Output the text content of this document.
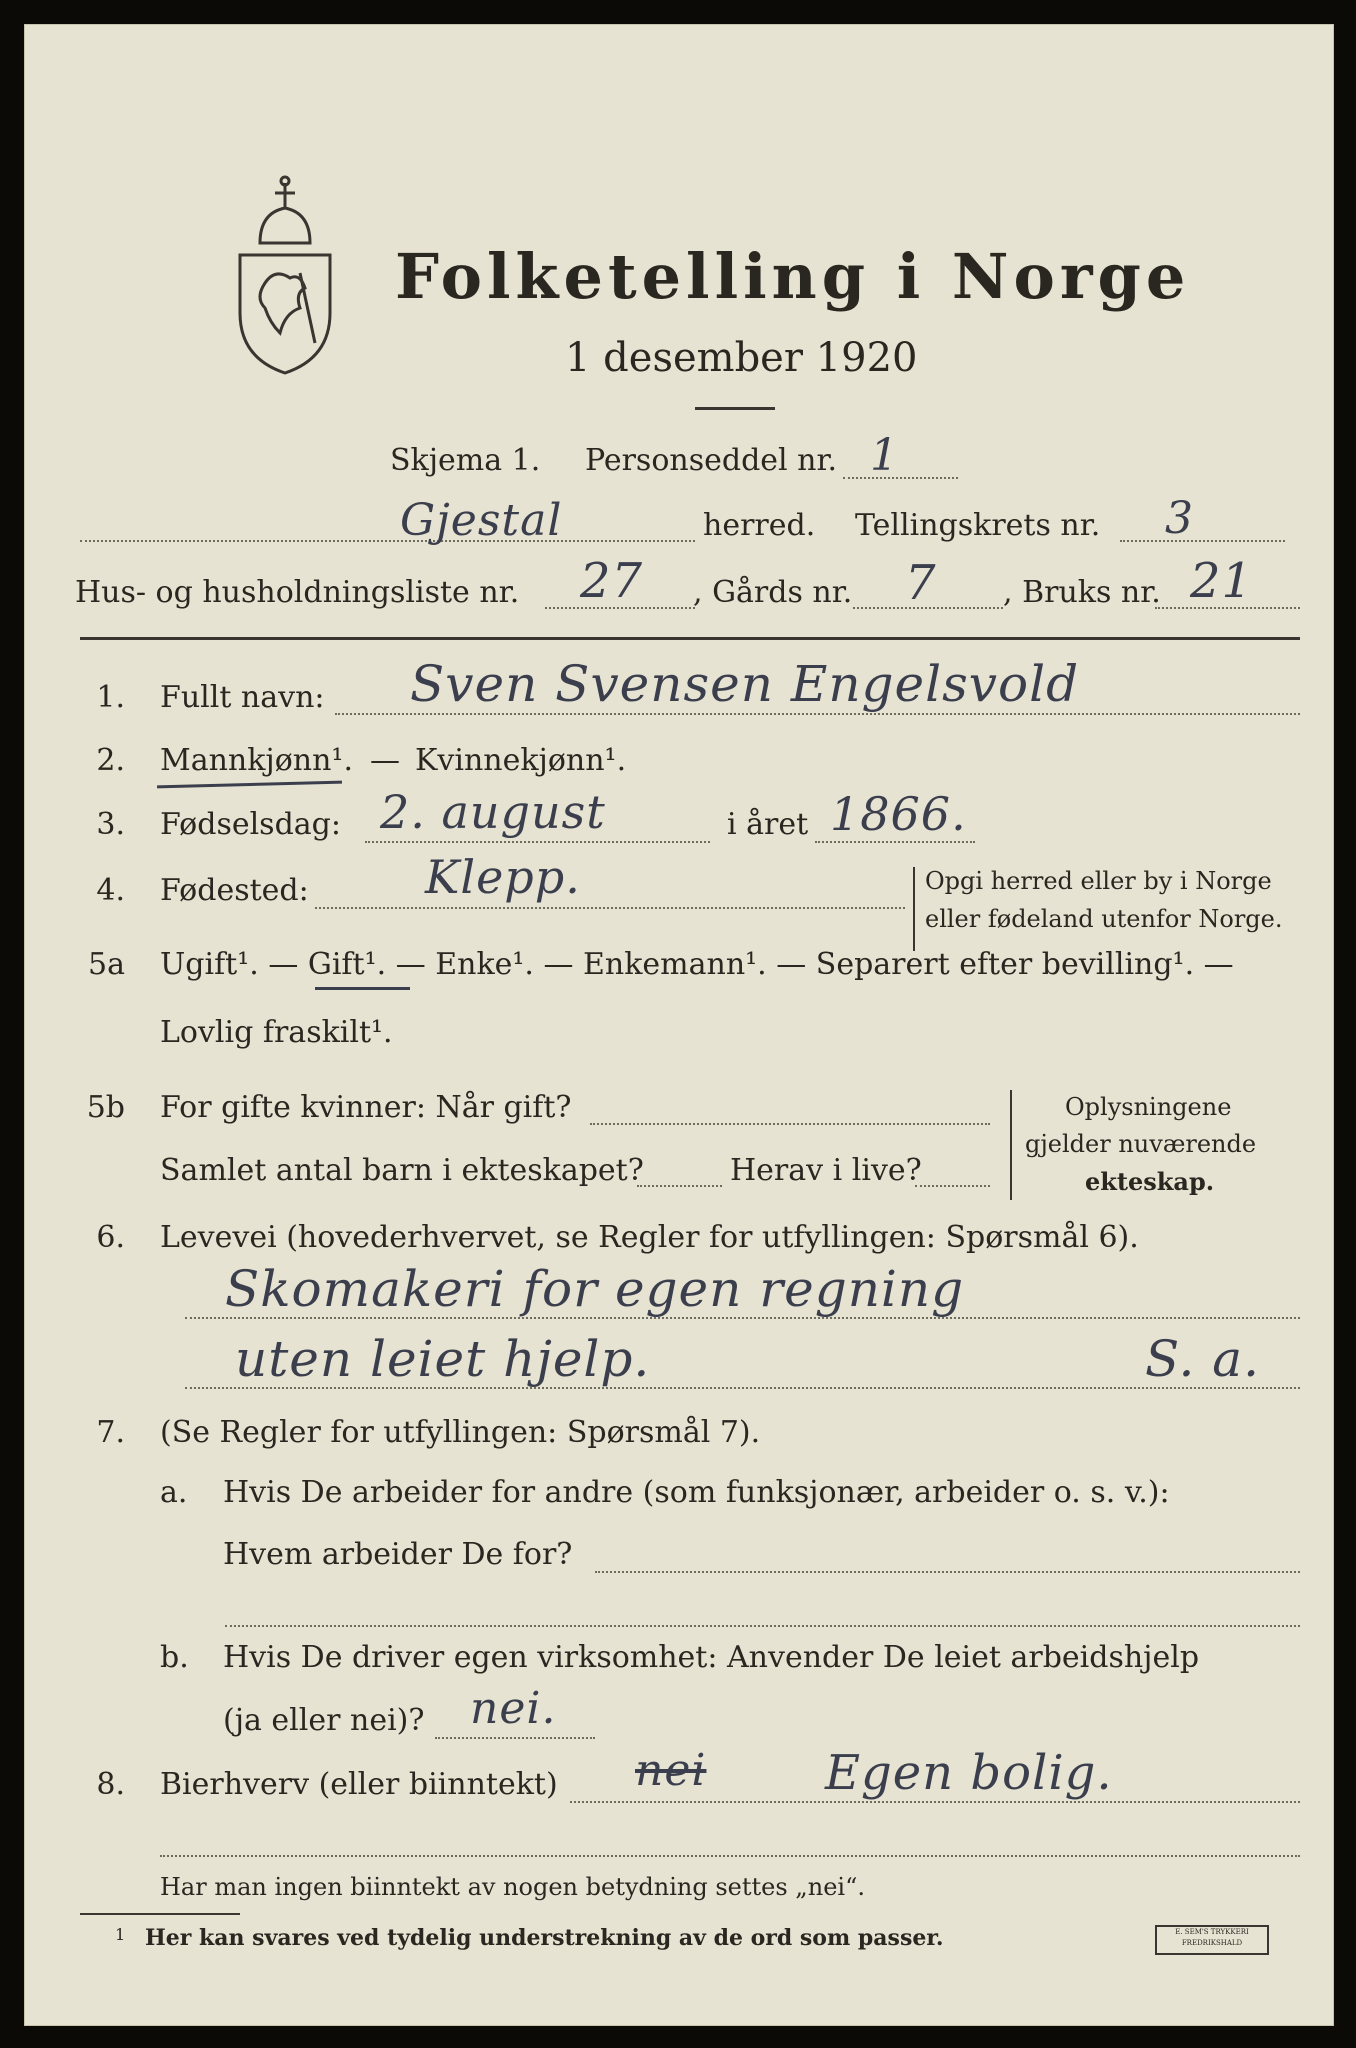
Folketelling i Norge
1 desember 1920
Skjema 1. Personseddel nr. 1
Gjestal	herred. Tellingskrets nr. 3
Hus- og husholdningsliste nr. 27 , Gårds nr. 7 , Bruks nr. 21
1. Fullt navn: Sven Svensen Engelsvold
2. Mannkjønn¹. — Kvinnekjønn¹.
3. Fødselsdag: 2. august	i året 1866.
4. Fødested:	Klepp.	Opgi herred eller by i Norge
eller fødeland utenfor Norge.
5a Ugift¹. — Gift¹. — Enke¹. — Enkemann¹. — Separert efter bevilling¹. —
Lovlig fraskilt¹.
5b For gifte kvinner: Når gift?
Samlet antal barn i ekteskapet?	Herav i live?
Oplysningene
gjelder nuværende
ekteskap.
6. Levevei (hovederhvervet, se Regler for utfyllingen: Spørsmål 6).
Skomakeri for egen regning
uten leiet hjelp.	S. a.
7. (Se Regler for utfyllingen: Spørsmål 7).
a. Hvis De arbeider for andre (som funksjonær, arbeider o. s. v.):
Hvem arbeider De for?
b. Hvis De driver egen virksomhet: Anvender De leiet arbeidshjelp
(ja eller nei)? nei.
8. Bierhverv (eller biinntekt) nei Egen bolig.
Har man ingen biinntekt av nogen betydning settes „nei“.
1 Her kan svares ved tydelig understrekning av de ord som passer.	E. SEM'S TRYKKERI FREDRIKSHALD
